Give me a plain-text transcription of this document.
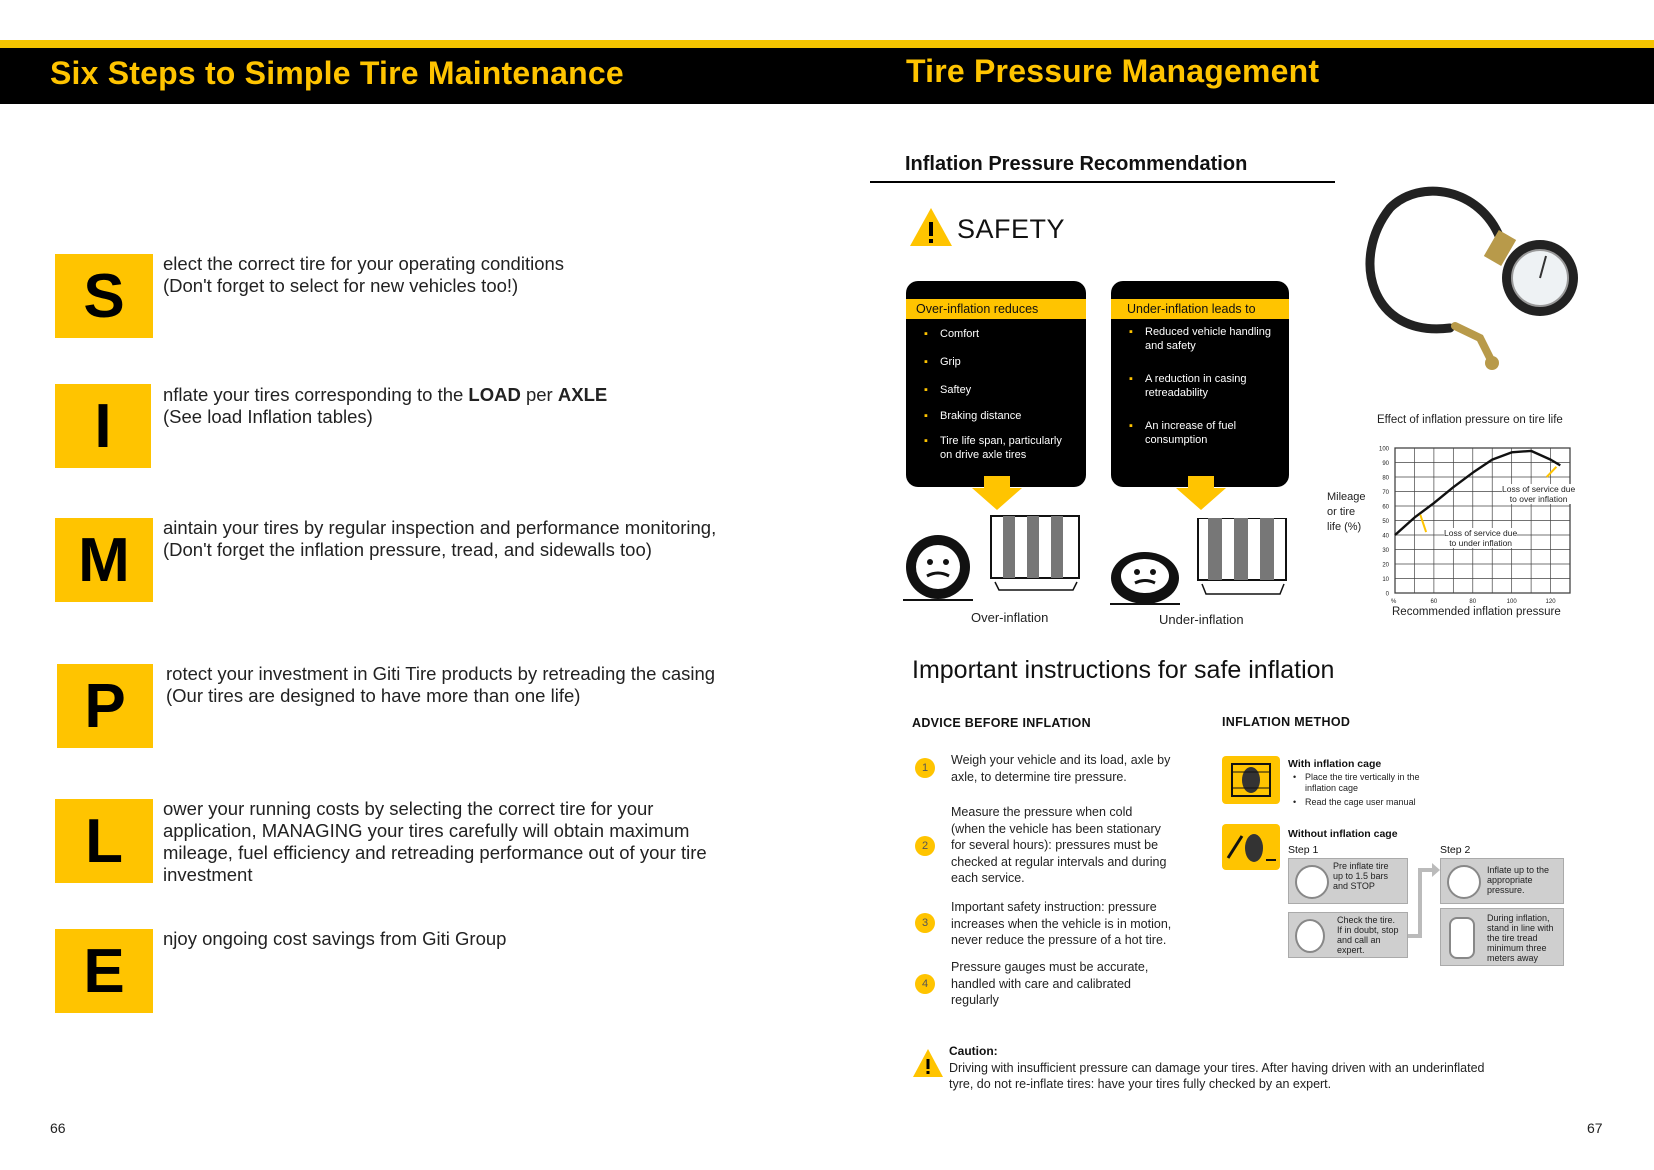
Six Steps to Simple Tire Maintenance	Tire Pressure Management
S	elect the correct tire for your operating conditions
(Don't forget to select for new vehicles too!)
I	nflate your tires corresponding to the LOAD per AXLE
(See load Inflation tables)
M	aintain your tires by regular inspection and performance monitoring,
(Don't forget the inflation pressure, tread, and sidewalls too)
P	rotect your investment in Giti Tire products by retreading the casing
(Our tires are designed to have more than one life)
L	ower your running costs by selecting the correct tire for your
application, MANAGING your tires carefully will obtain maximum
mileage, fuel efficiency and retreading performance out of your tire
investment
E	njoy ongoing cost savings from Giti Group
66	67
Inflation Pressure Recommendation
SAFETY
Over-inflation reduces
▪ Comfort
▪ Grip
▪ Saftey
▪ Braking distance
▪ Tire life span, particularly
on drive axle tires
Under-inflation leads to
▪ Reduced vehicle handling
and safety
▪ A reduction in casing
retreadability
▪ An increase of fuel
consumption
Over-inflation	Under-inflation
Effect of inflation pressure on tire life
Mileage
or tire
life (%)
0
10
20
30
40
50
60
70
80
90
100
60	80	100	120
%
Recommended inflation pressure
Loss of service due
to over inflation
Loss of service due
to under inflation
Important instructions for safe inflation
ADVICE BEFORE INFLATION	INFLATION METHOD
1
Weigh your vehicle and its load, axle by
axle, to determine tire pressure.
2
Measure the pressure when cold
(when the vehicle has been stationary
for several hours): pressures must be
checked at regular intervals and during
each service.
3
Important safety instruction: pressure
increases when the vehicle is in motion,
never reduce the pressure of a hot tire.
4
Pressure gauges must be accurate,
handled with care and calibrated
regularly
With inflation cage
• Place the tire vertically in the
inflation cage
• Read the cage user manual
Without inflation cage
Step 1	Step 2
Pre inflate tire
up to 1.5 bars
and STOP
Check the tire.
If in doubt, stop
and call an
expert.
Inflate up to the
appropriate
pressure.
During inflation,
stand in line with
the tire tread
minimum three
meters away
Caution:
Driving with insufficient pressure can damage your tires. After having driven with an underinflated
tyre, do not re-inflate tires: have your tires fully checked by an expert.
